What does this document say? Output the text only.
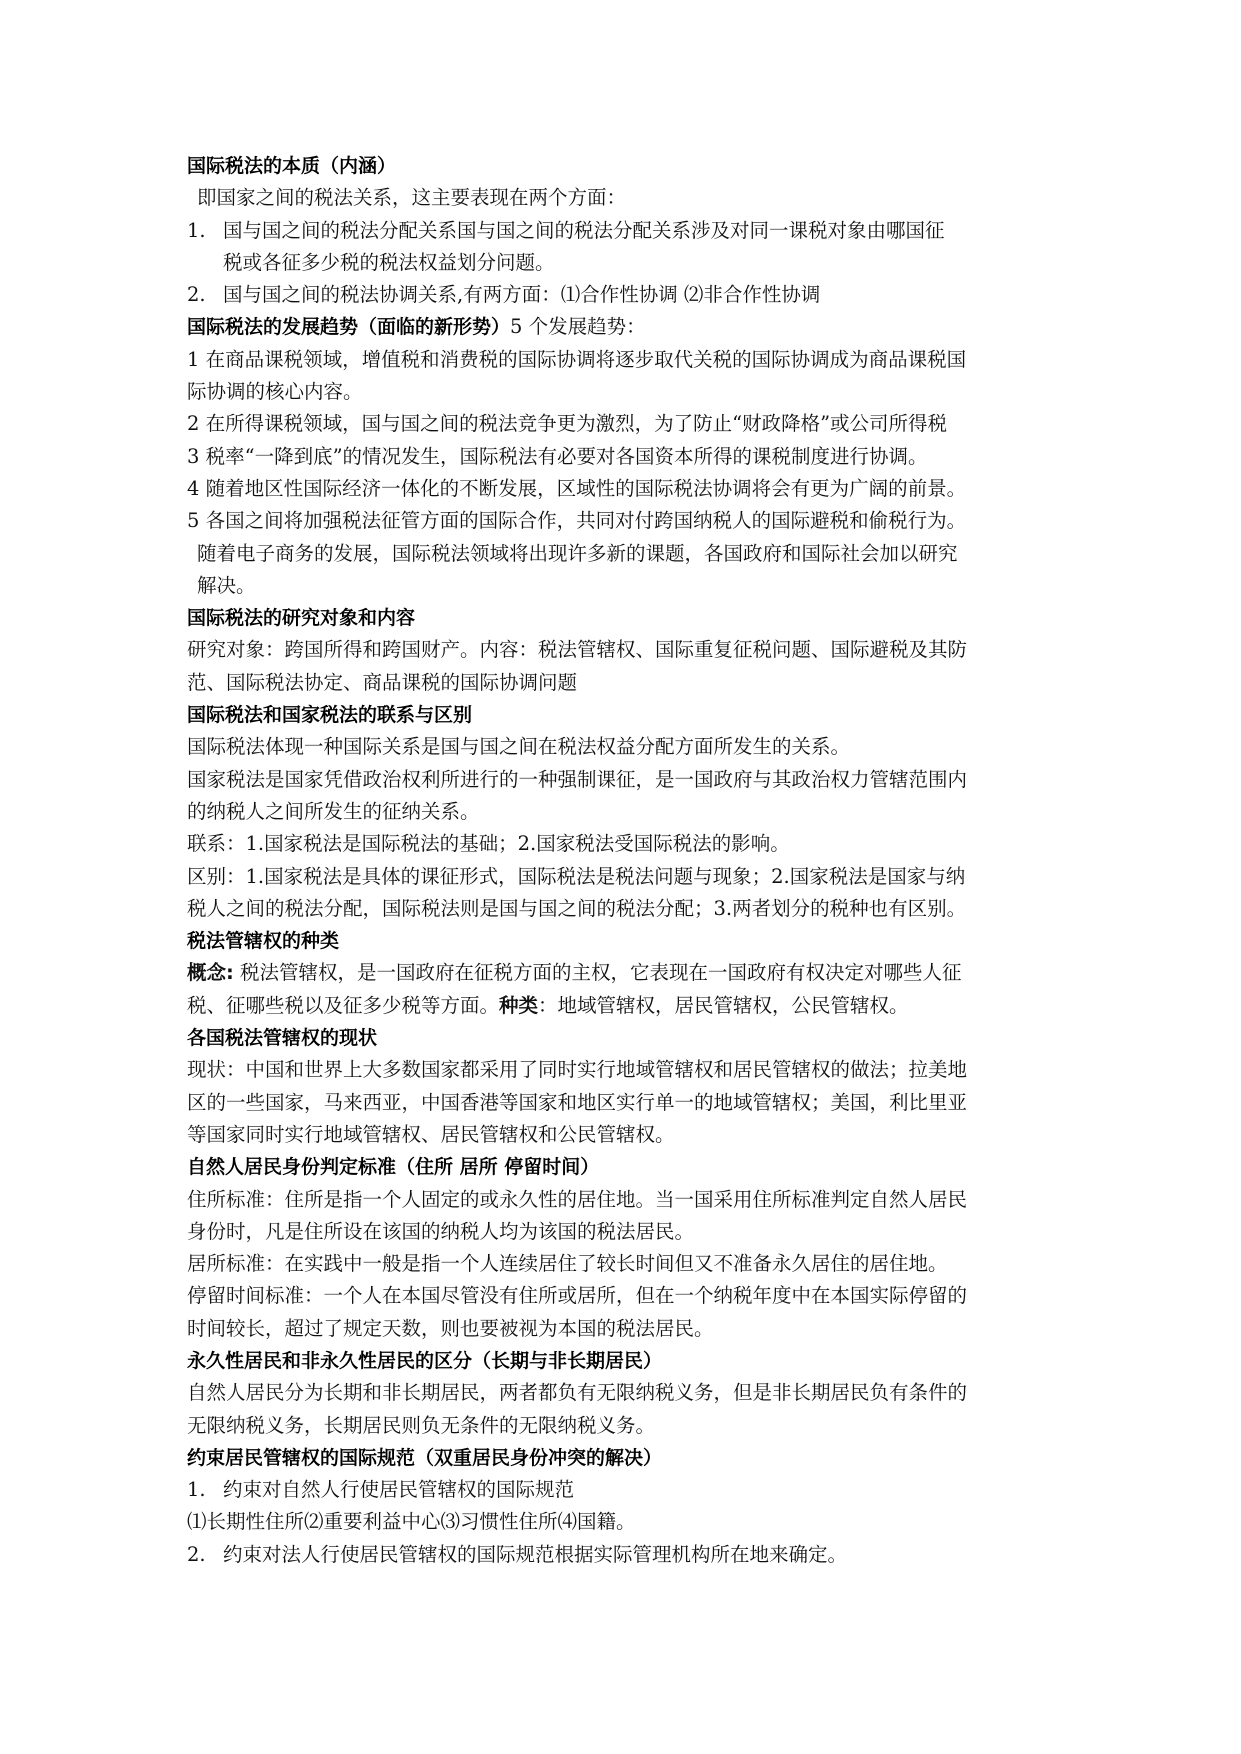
国际税法的本质（内涵）
即国家之间的税法关系，这主要表现在两个方面：
1. 国与国之间的税法分配关系国与国之间的税法分配关系涉及对同一课税对象由哪国征
税或各征多少税的税法权益划分问题。
2. 国与国之间的税法协调关系,有两方面：⑴合作性协调 ⑵非合作性协调
国际税法的发展趋势（面临的新形势）5 个发展趋势：
1 在商品课税领域，增值税和消费税的国际协调将逐步取代关税的国际协调成为商品课税国
际协调的核心内容。
2 在所得课税领域，国与国之间的税法竞争更为激烈，为了防止“财政降格”或公司所得税
3 税率“一降到底”的情况发生，国际税法有必要对各国资本所得的课税制度进行协调。
4 随着地区性国际经济一体化的不断发展，区域性的国际税法协调将会有更为广阔的前景。
5 各国之间将加强税法征管方面的国际合作，共同对付跨国纳税人的国际避税和偷税行为。
随着电子商务的发展，国际税法领域将出现许多新的课题，各国政府和国际社会加以研究
解决。
国际税法的研究对象和内容
研究对象：跨国所得和跨国财产。内容：税法管辖权、国际重复征税问题、国际避税及其防
范、国际税法协定、商品课税的国际协调问题
国际税法和国家税法的联系与区别
国际税法体现一种国际关系是国与国之间在税法权益分配方面所发生的关系。
国家税法是国家凭借政治权利所进行的一种强制课征，是一国政府与其政治权力管辖范围内
的纳税人之间所发生的征纳关系。
联系：1.国家税法是国际税法的基础；2.国家税法受国际税法的影响。
区别：1.国家税法是具体的课征形式，国际税法是税法问题与现象；2.国家税法是国家与纳
税人之间的税法分配，国际税法则是国与国之间的税法分配；3.两者划分的税种也有区别。
税法管辖权的种类
概念: 税法管辖权，是一国政府在征税方面的主权，它表现在一国政府有权决定对哪些人征
税、征哪些税以及征多少税等方面。种类：地域管辖权，居民管辖权，公民管辖权。
各国税法管辖权的现状
现状：中国和世界上大多数国家都采用了同时实行地域管辖权和居民管辖权的做法；拉美地
区的一些国家，马来西亚，中国香港等国家和地区实行单一的地域管辖权；美国，利比里亚
等国家同时实行地域管辖权、居民管辖权和公民管辖权。
自然人居民身份判定标准（住所 居所 停留时间）
住所标准：住所是指一个人固定的或永久性的居住地。当一国采用住所标准判定自然人居民
身份时，凡是住所设在该国的纳税人均为该国的税法居民。
居所标准：在实践中一般是指一个人连续居住了较长时间但又不准备永久居住的居住地。
停留时间标准：一个人在本国尽管没有住所或居所，但在一个纳税年度中在本国实际停留的
时间较长，超过了规定天数，则也要被视为本国的税法居民。
永久性居民和非永久性居民的区分（长期与非长期居民）
自然人居民分为长期和非长期居民，两者都负有无限纳税义务，但是非长期居民负有条件的
无限纳税义务，长期居民则负无条件的无限纳税义务。
约束居民管辖权的国际规范（双重居民身份冲突的解决）
1. 约束对自然人行使居民管辖权的国际规范
⑴长期性住所⑵重要利益中心⑶习惯性住所⑷国籍。
2. 约束对法人行使居民管辖权的国际规范根据实际管理机构所在地来确定。
